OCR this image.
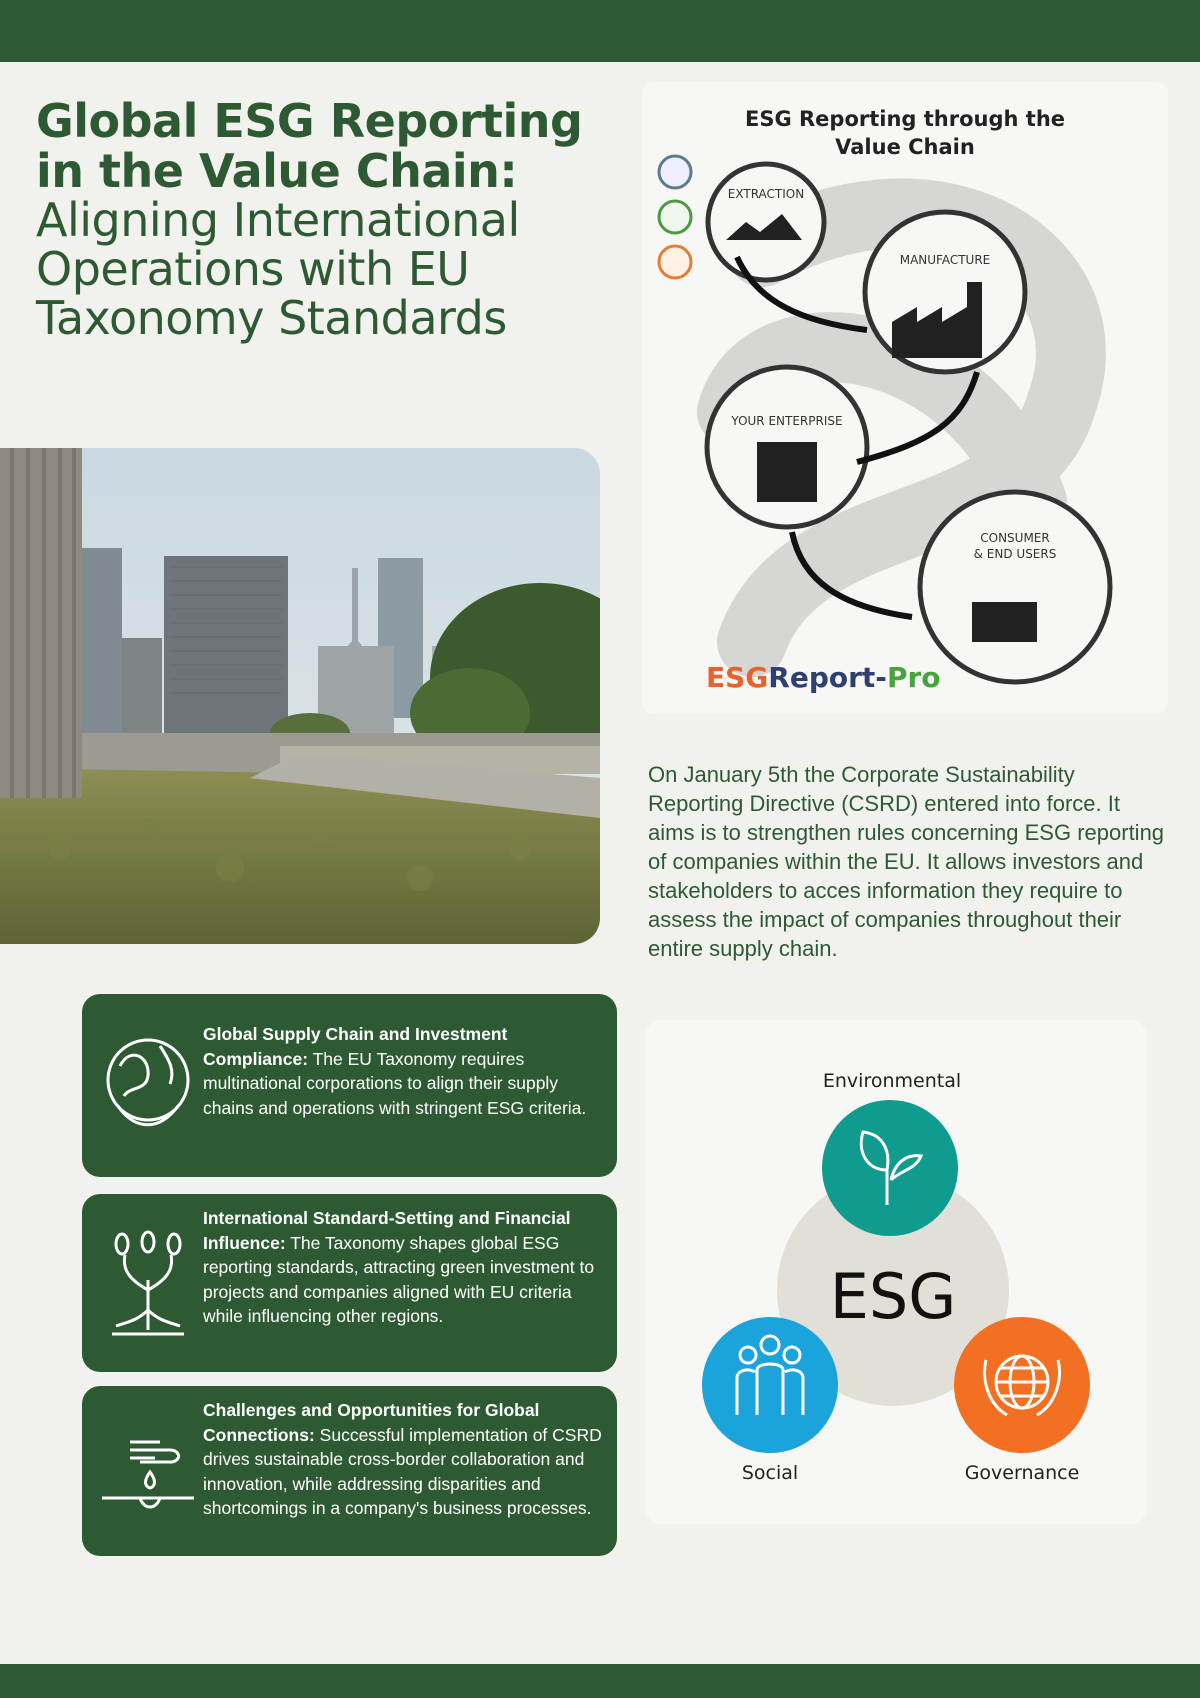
Global ESG Reporting
in the Value Chain:
Aligning International
Operations with EU
Taxonomy Standards
ESG Reporting through the
Value Chain
EXTRACTION
MANUFACTURE
YOUR ENTERPRISE
CONSUMER
& END USERS
ESGReport-Pro

On January 5th the Corporate Sustainability Reporting Directive (CSRD) entered into force. It aims is to strengthen rules concerning ESG reporting of companies within the EU. It allows investors and stakeholders to acces information they require to assess the impact of companies throughout their entire supply chain.

Global Supply Chain and Investment Compliance: The EU Taxonomy requires multinational corporations to align their supply chains and operations with stringent ESG criteria.

International Standard-Setting and Financial Influence: The Taxonomy shapes global ESG reporting standards, attracting green investment to projects and companies aligned with EU criteria while influencing other regions.

Challenges and Opportunities for Global Connections: Successful implementation of CSRD drives sustainable cross-border collaboration and innovation, while addressing disparities and shortcomings in a company's business processes.

ESG
Environmental
Social	Governance
